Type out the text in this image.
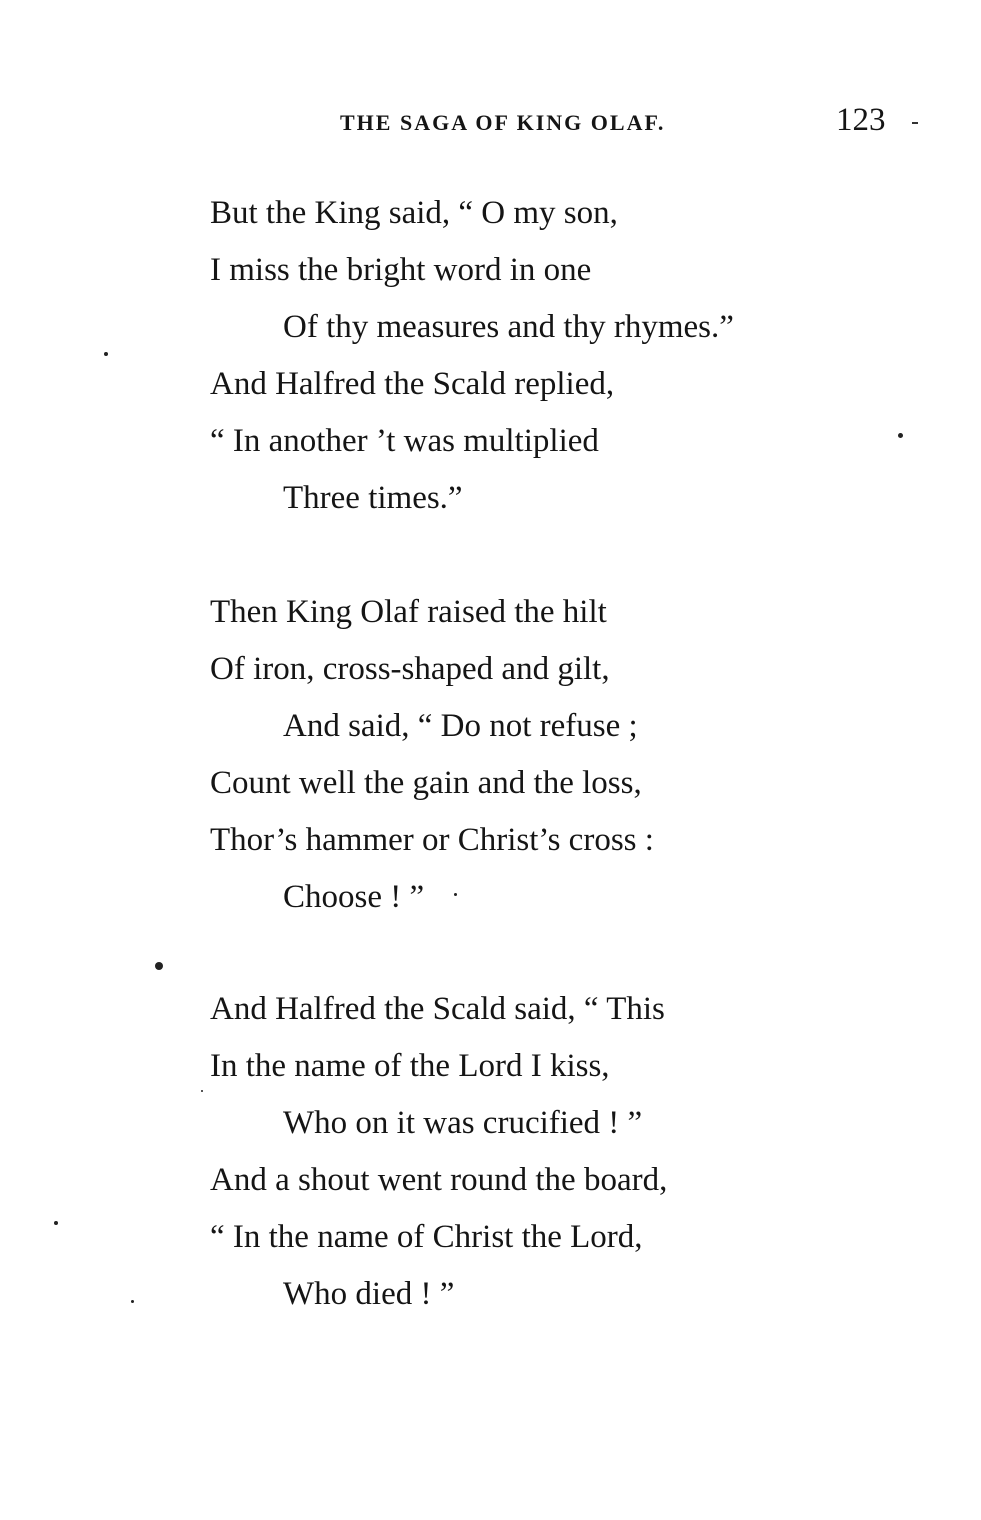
THE SAGA OF KING OLAF.	123
But the King said, “ O my son,
I miss the bright word in one
Of thy measures and thy rhymes.”
And Halfred the Scald replied,
“ In another ’t was multiplied
Three times.”
Then King Olaf raised the hilt
Of iron, cross-shaped and gilt,
And said, “ Do not refuse ;
Count well the gain and the loss,
Thor’s hammer or Christ’s cross :
Choose ! ”
And Halfred the Scald said, “ This
In the name of the Lord I kiss,
Who on it was crucified ! ”
And a shout went round the board,
“ In the name of Christ the Lord,
Who died ! ”
